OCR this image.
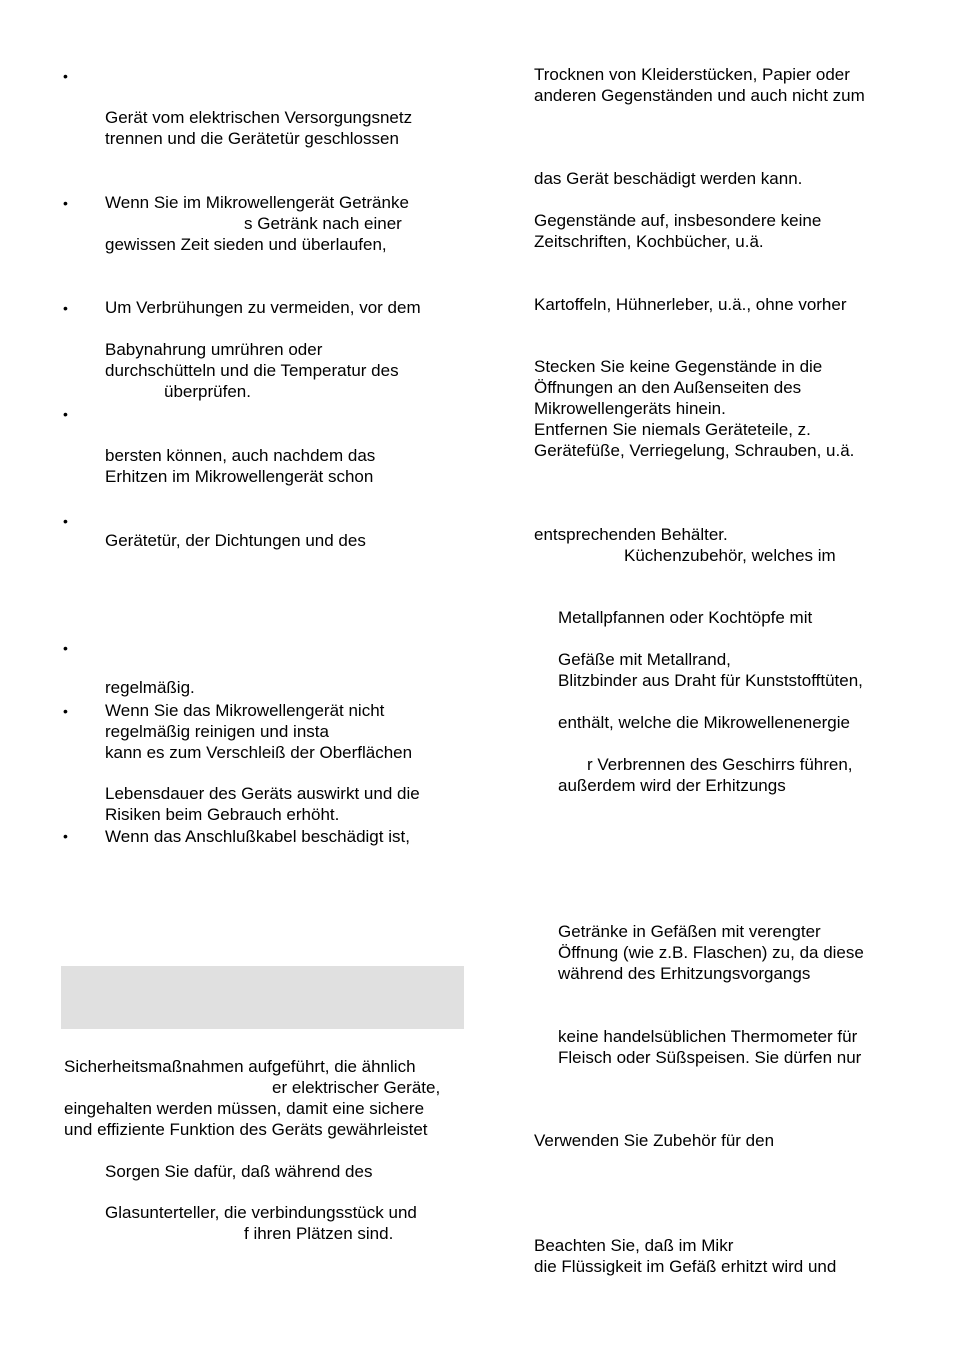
•
•
•
•
•
•
•
•
Gerät vom elektrischen Versorgungsnetz
trennen und die Gerätetür geschlossen
Wenn Sie im Mikrowellengerät Getränke
s Getränk nach einer
gewissen Zeit sieden und überlaufen,
Um Verbrühungen zu vermeiden, vor dem
Babynahrung umrühren oder
durchschütteln und die Temperatur des
überprüfen.
bersten können, auch nachdem das
Erhitzen im Mikrowellengerät schon
Gerätetür, der Dichtungen und des
regelmäßig.
Wenn Sie das Mikrowellengerät nicht
regelmäßig reinigen und insta
kann es zum Verschleiß der Oberflächen
Lebensdauer des Geräts auswirkt und die
Risiken beim Gebrauch erhöht.
Wenn das Anschlußkabel beschädigt ist,
Sicherheitsmaßnahmen aufgeführt, die ähnlich
er elektrischer Geräte,
eingehalten werden müssen, damit eine sichere
und effiziente Funktion des Geräts gewährleistet
Sorgen Sie dafür, daß während des
Glasunterteller, die verbindungsstück und
f ihren Plätzen sind.
Trocknen von Kleiderstücken, Papier oder
anderen Gegenständen und auch nicht zum
das Gerät beschädigt werden kann.
Gegenstände auf, insbesondere keine
Zeitschriften, Kochbücher, u.ä.
Kartoffeln, Hühnerleber, u.ä., ohne vorher
Stecken Sie keine Gegenstände in die
Öffnungen an den Außenseiten des
Mikrowellengeräts hinein.
Entfernen Sie niemals Geräteteile, z.
Gerätefüße, Verriegelung, Schrauben, u.ä.
entsprechenden Behälter.
Küchenzubehör, welches im
Metallpfannen oder Kochtöpfe mit
Gefäße mit Metallrand,
Blitzbinder aus Draht für Kunststofftüten,
enthält, welche die Mikrowellenenergie
r Verbrennen des Geschirrs führen,
außerdem wird der Erhitzungs
Getränke in Gefäßen mit verengter
Öffnung (wie z.B. Flaschen) zu, da diese
während des Erhitzungsvorgangs
keine handelsüblichen Thermometer für
Fleisch oder Süßspeisen. Sie dürfen nur
Verwenden Sie Zubehör für den
Beachten Sie, daß im Mikr
die Flüssigkeit im Gefäß erhitzt wird und
